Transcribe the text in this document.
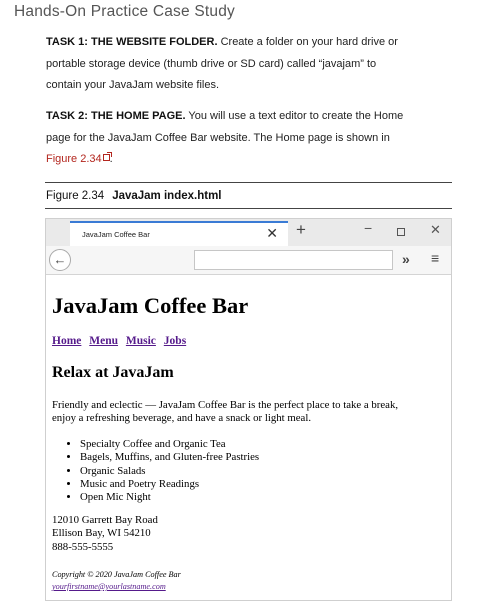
Hands-On Practice Case Study
TASK 1: THE WEBSITE FOLDER. Create a folder on your hard drive or
portable storage device (thumb drive or SD card) called “javajam” to
contain your JavaJam website files.
TASK 2: THE HOME PAGE. You will use a text editor to create the Home
page for the JavaJam Coffee Bar website. The Home page is shown in
Figure 2.34 .
Figure 2.34 JavaJam index.html
JavaJam Coffee Bar	✕ +	−	✕
←	» ≡
JavaJam Coffee Bar
Home Menu Music Jobs
Relax at JavaJam

Friendly and eclectic — JavaJam Coffee Bar is the perfect place to take a break,
enjoy a refreshing beverage, and have a snack or light meal.

• Specialty Coffee and Organic Tea
• Bagels, Muffins, and Gluten-free Pastries
• Organic Salads
• Music and Poetry Readings
• Open Mic Night
12010 Garrett Bay Road
Ellison Bay, WI 54210
888-555-5555
Copyright © 2020 JavaJam Coffee Bar
yourfirstname@yourlastname.com
